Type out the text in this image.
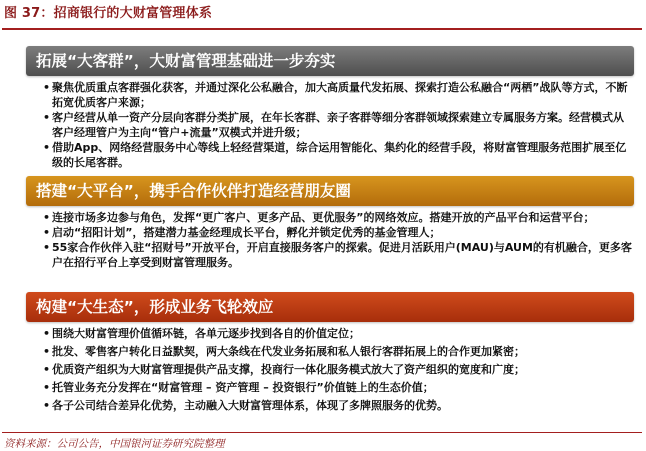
图 37：招商银行的大财富管理体系
拓展“大客群”，大财富管理基础进一步夯实
• 聚焦优质重点客群强化获客，并通过深化公私融合，加大高质量代发拓展、探索打造公私融合“两栖”战队等方式，不断拓宽优质客户来源；
• 客户经营从单一资产分层向客群分类扩展，在年长客群、亲子客群等细分客群领域探索建立专属服务方案。经营模式从客户经理管户为主向“管户+流量”双模式并进升级；
• 借助App、网络经营服务中心等线上轻经营渠道，综合运用智能化、集约化的经营手段，将财富管理服务范围扩展至亿级的长尾客群。
搭建“大平台”，携手合作伙伴打造经营朋友圈
• 连接市场多边参与角色，发挥“更广客户、更多产品、更优服务”的网络效应。搭建开放的产品平台和运营平台；
• 启动“招阳计划”，搭建潜力基金经理成长平台，孵化并锁定优秀的基金管理人；
• 55家合作伙伴入驻“招财号”开放平台，开启直接服务客户的探索。促进月活跃用户(MAU)与AUM的有机融合，更多客户在招行平台上享受到财富管理服务。
构建“大生态”，形成业务飞轮效应
• 围绕大财富管理价值循环链，各单元逐步找到各自的价值定位；
• 批发、零售客户转化日益默契，两大条线在代发业务拓展和私人银行客群拓展上的合作更加紧密；
• 优质资产组织为大财富管理提供产品支撑，投商行一体化服务模式放大了资产组织的宽度和广度；
• 托管业务充分发挥在“财富管理 – 资产管理 – 投资银行”价值链上的生态价值；
• 各子公司结合差异化优势，主动融入大财富管理体系，体现了多牌照服务的优势。
资料来源：公司公告，中国银河证券研究院整理
